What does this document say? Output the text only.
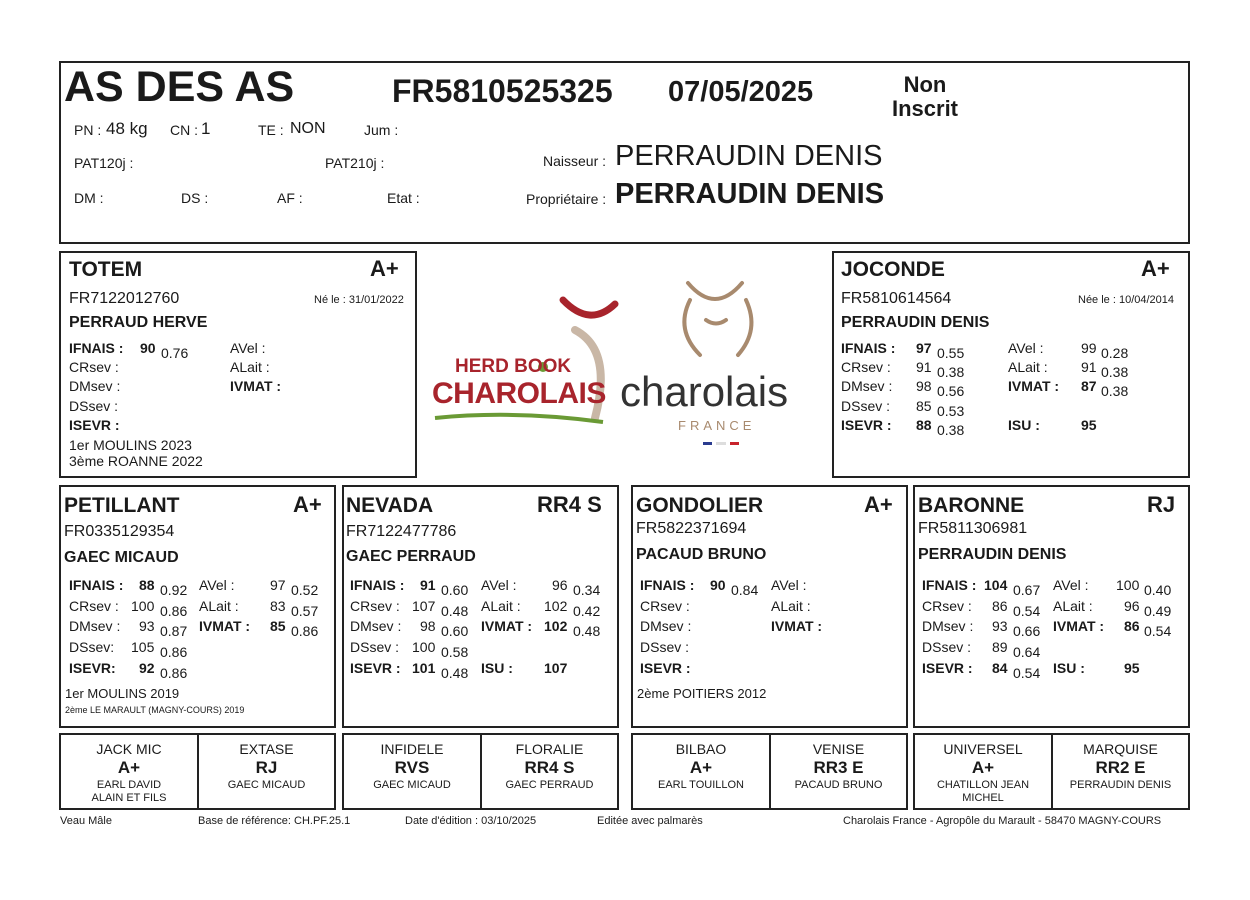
AS DES AS	FR5810525325 07/05/2025	Non
Inscrit
PN : 48 kg CN : 1	TE : NON	Jum :
PAT120j :	PAT210j :	Naisseur : PERRAUDIN DENIS
DM :	DS :	AF :	Etat :	Propriétaire : PERRAUDIN DENIS
TOTEM	A+
FR7122012760	Né le : 31/01/2022
PERRAUD HERVE
IFNAIS : 90 0.76
CRsev :
DMsev :
DSsev :
ISEVR :
AVel :
ALait :
IVMAT :
1er MOULINS 2023
3ème ROANNE 2022
HERD BOOK
CHAROLAIS charolais
FRANCE
JOCONDE	A+
FR5810614564	Née le : 10/04/2014
PERRAUDIN DENIS
IFNAIS : 97 0.55
CRsev : 91 0.38
DMsev : 98 0.56
DSsev : 85 0.53
ISEVR : 88 0.38
AVel :	99 0.28
ALait : 91 0.38
IVMAT : 87 0.38
ISU :	95
PETILLANT	A+
FR0335129354
GAEC MICAUD
IFNAIS : 88 0.92
CRsev : 100 0.86
DMsev : 93 0.87
DSsev: 105 0.86
ISEVR: 92 0.86
AVel :	97 0.52
ALait : 83 0.57
IVMAT : 85 0.86
1er MOULINS 2019
2ème LE MARAULT (MAGNY-COURS) 2019
NEVADA	RR4 S
FR7122477786
GAEC PERRAUD
IFNAIS : 91 0.60
CRsev : 107 0.48
DMsev : 98 0.60
DSsev : 100 0.58
ISEVR : 101 0.48
AVel :	96 0.34
ALait : 102 0.42
IVMAT : 102 0.48
ISU : 107
GONDOLIER	A+
FR5822371694
PACAUD BRUNO
IFNAIS : 90 0.84
CRsev :
DMsev :
DSsev :
ISEVR :
AVel :
ALait :
IVMAT :
2ème POITIERS 2012
BARONNE	RJ
FR5811306981
PERRAUDIN DENIS
IFNAIS : 104 0.67
CRsev : 86 0.54
DMsev : 93 0.66
DSsev : 89 0.64
ISEVR : 84 0.54
AVel : 100 0.40
ALait : 96 0.49
IVMAT : 86 0.54
ISU :	95
JACK MIC
A+
EARL DAVID
ALAIN ET FILS
EXTASE
RJ
GAEC MICAUD
INFIDELE
RVS
GAEC MICAUD
FLORALIE
RR4 S
GAEC PERRAUD
BILBAO
A+
EARL TOUILLON
VENISE
RR3 E
PACAUD BRUNO
UNIVERSEL
A+
CHATILLON JEAN
MICHEL
MARQUISE
RR2 E
PERRAUDIN DENIS
Veau Mâle	Base de référence: CH.PF.25.1	Date d'édition : 03/10/2025	Editée avec palmarès	Charolais France - Agropôle du Marault - 58470 MAGNY-COURS
